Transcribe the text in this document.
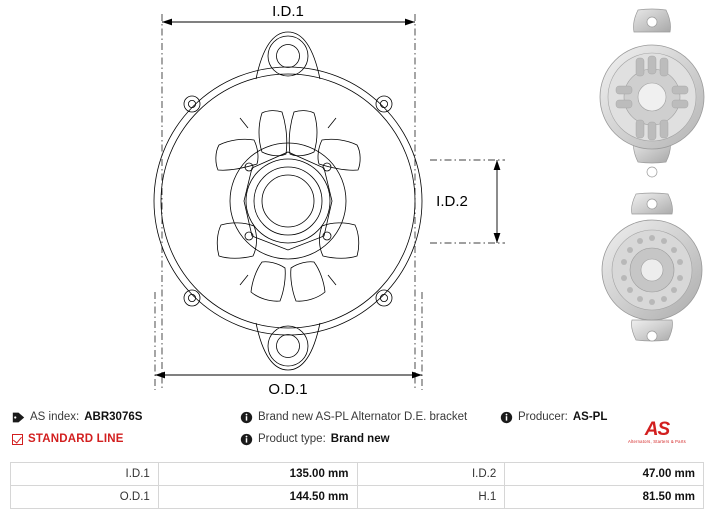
I.D.1
O.D.1
I.D.2
AS index: ABR3076S	Brand new AS-PL Alternator D.E. bracket	Producer: AS-PL
STANDARD LINE	Product type: Brand new	AS
Alternators, Starters & Parts
I.D.1	135.00 mm	I.D.2	47.00 mm
O.D.1	144.50 mm	H.1	81.50 mm
